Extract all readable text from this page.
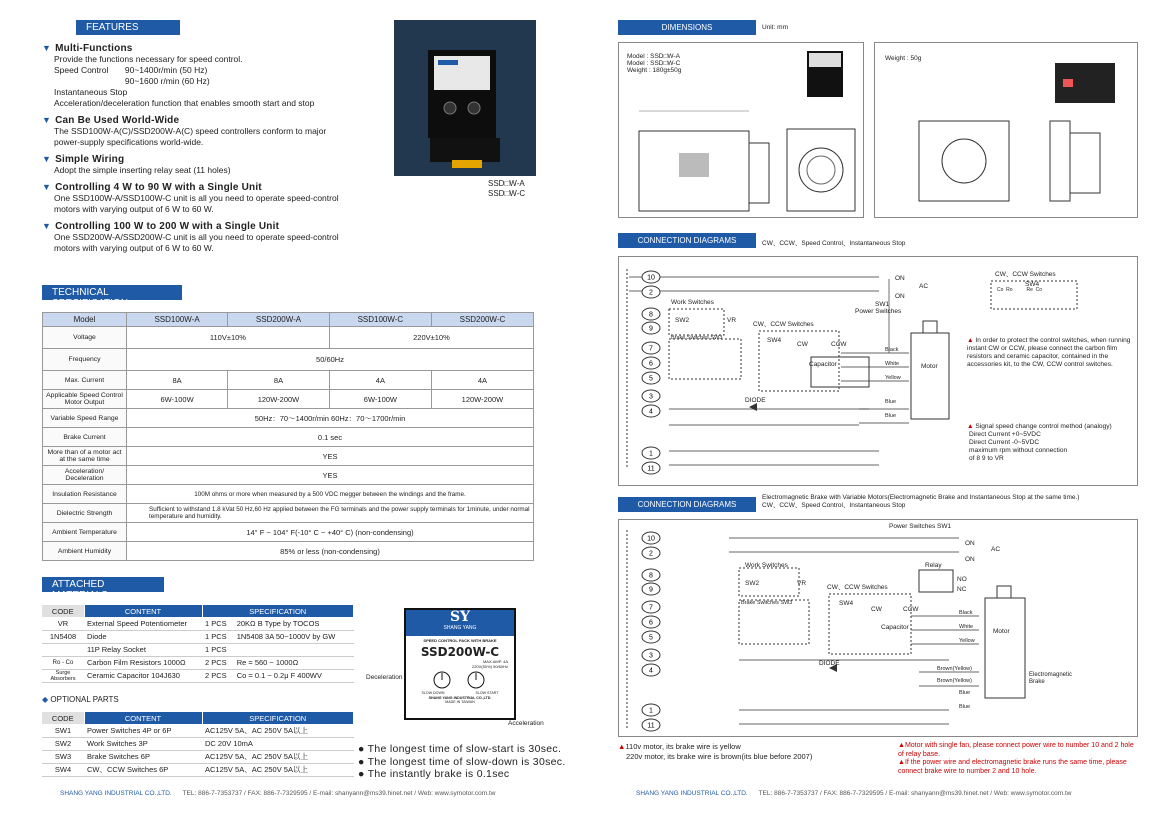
FEATURES
▼ Multi-Functions
Provide the functions necessary for speed control.
Speed Control       90~1400r/min (50 Hz)
90~1600 r/min (60 Hz)
Instantaneous Stop
Acceleration/deceleration function that enables smooth start and stop
▼ Can Be Used World-Wide
The SSD100W-A(C)/SSD200W-A(C) speed controllers conform to major
power-supply specifications world-wide.
▼ Simple Wiring
Adopt the simple inserting relay seat (11 holes)
▼ Controlling 4 W to 90 W with a Single Unit
One SSD100W-A/SSD100W-C unit is all you need to operate speed-control
motors with varying output of 6 W to 60 W.
▼ Controlling 100 W to 200 W with a Single Unit
One SSD200W-A/SSD200W-C unit is all you need to operate speed-control
motors with varying output of 6 W to 60 W.
SSD□W-A
SSD□W-C
TECHNICAL SPECIFICATION
Model	SSD100W-A	SSD200W-A	SSD100W-C	SSD200W-C
Voltage	110V±10%		220V±10%	
Frequency	50/60Hz			
Max. Current	8A	8A	4A	4A
Applicable Speed Control Motor Output	6W-100W	120W-200W	6W-100W	120W-200W
Variable Speed Range	50Hz：70～1400r/min 60Hz：70～1700r/min			
Brake Current	0.1 sec			
More than of a motor act at the same time	YES			
Acceleration/ Deceleration	YES			
Insulation Resistance	100M ohms or more when measured by a 500 VDC megger between the windings and the frame.			
Dielectric Strength	Sufficient to withstand 1.8 kVat 50 Hz,60 Hz applied between the FG terminals and the power supply terminals for 1minute, under normal temperature and humidity.			
Ambient Temperature	14° F ~ 104° F(-10° C ~ +40° C) (non-condensing)			
Ambient Humidity	85% or less (non-condensing)			
ATTACHED MATERIALS
CODE	CONTENT	SPECIFICATION	
VR	External Speed Potentiometer	1 PCS	20KΩ B Type by TOCOS
1N5408	Diode	1 PCS	1N5408 3A 50~1000V by GW
	11P Relay Socket	1 PCS	
Ro - Co	Carbon Film Resistors 1000Ω	2 PCS	Re = 560 ~ 1000Ω
Surge Absorbers	Ceramic Capacitor 104J630	2 PCS	Co = 0.1 ~ 0.2μ F 400WV
◆ OPTIONAL PARTS
CODE	CONTENT	SPECIFICATION
SW1	Power Switches 4P or 6P	AC125V 5A、AC 250V 5A以上
SW2	Work Switches 3P	DC 20V 10mA
SW3	Brake Switches 6P	AC125V 5A、AC 250V 5A以上
SW4	CW、CCW Switches 6P	AC125V 5A、AC 250V 5A以上
SY
SHANG YANG
SPEED CONTROL PACK WITH BRAKE
SSD200W-C
MAX.AMP. 4A
220V(50%) 50/60Hz
SLOW DOWN	SLOW START
SHANG YANG INDUSTRIAL CO.,LTD.
MADE IN TAIWAN
Deceleration
Acceleration
● The longest time of slow-start is 30sec.
● The longest time of slow-down is 30sec.
● The instantly brake is 0.1sec
SHANG YANG INDUSTRIAL CO.,LTD. TEL: 886-7-7353737 / FAX: 886-7-7329595 / E-mail: shanyann@ms39.hinet.net / Web: www.symotor.com.tw
DIMENSIONS	Unit: mm
Model : SSD□W-A
Model : SSD□W-C
Weight : 180g±50g
Weight : 50g
CONNECTION DIAGRAMS	CW、CCW、Speed Control、Instantaneous Stop
10
2
8
9
7
6
5
3
4
1
11
ON
ON
AC
SW1
Power Switches
Work Switches
SW2	VR
Brake Switches SW3
CW、CCW Switches
SW4
CW	CCW
Capacitor
Black
White
Yellow
Blue
Blue
Motor
DIODE
CW、CCW Switches
SW4
Co  Ro          Re  Co
▲ In order to protect the control switches, when running instant CW or CCW, please connect the carbon film resistors and ceramic capacitor, contained in the accessories kit, to the CW, CCW control switches.
▲ Signal speed change control method (analogy)
Direct Current +0~5VDC
Direct Current -0~5VDC
maximum rpm without connection
of 8 9 to VR
CONNECTION DIAGRAMS
Electromagnetic Brake with Variable Motors(Electromagnetic Brake and Instantaneous Stop at the same time.)
CW、CCW、Speed Control、Instantaneous Stop
10
2
8
9
7
6
5
3
4
1
11
Power Switches SW1
ON
ON
AC
Work Switches
SW2	VR
Brake Switches SW3
CW、CCW Switches
SW4
CW	CCW
Capacitor
Relay
NO
NC
Black
White
Yellow
Brown(Yellow)
Brown(Yellow)
Blue
Blue
Motor
DIODE
Electromagnetic Brake
▲110v motor, its brake wire is yellow
220v motor, its brake wire is brown(its blue before 2007)
▲Motor with single fan, please connect power wire to number 10 and 2 hole of relay base.
▲If the power wire and electromagnetic brake runs the same time, please connect brake wire to number 2 and 10 hole.
SHANG YANG INDUSTRIAL CO.,LTD. TEL: 886-7-7353737 / FAX: 886-7-7329595 / E-mail: shanyann@ms39.hinet.net / Web: www.symotor.com.tw
